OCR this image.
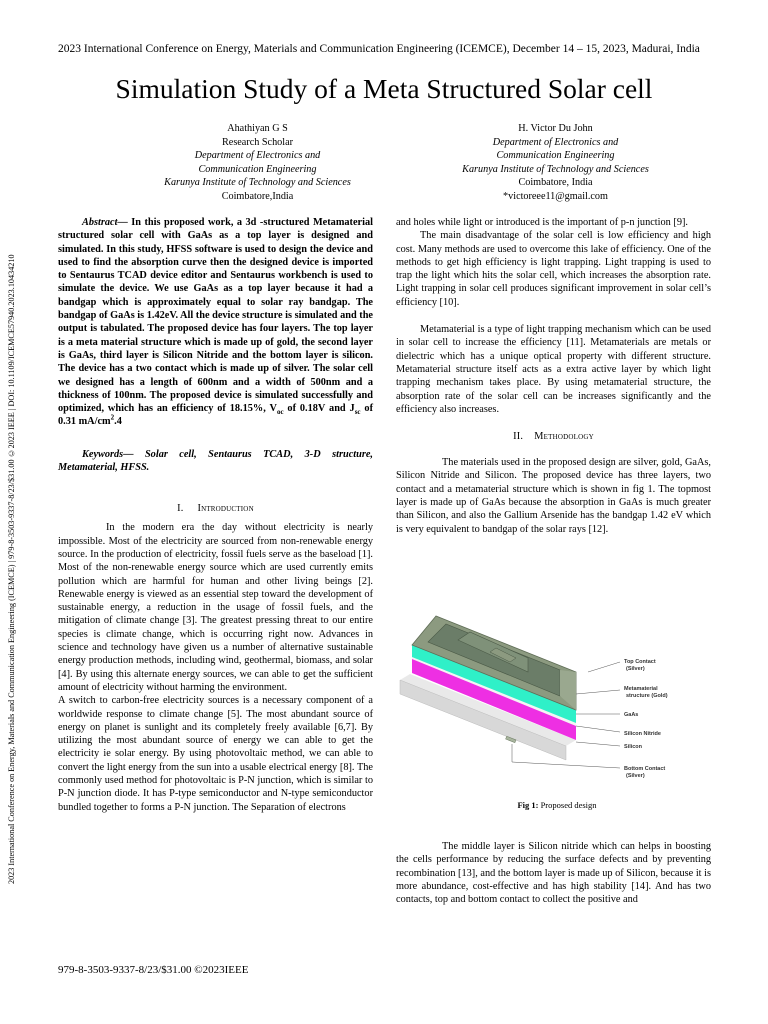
2023 International Conference on Energy, Materials and Communication Engineering (ICEMCE), December 14 – 15, 2023, Madurai, India
Simulation Study of a Meta Structured Solar cell
2023 International Conference on Energy, Materials and Communication Engineering (ICEMCE) | 979-8-3503-9337-8/23/$31.00 ©2023 IEEE | DOI: 10.1109/ICEMCE57940.2023.10434210
Ahathiyan G S
Research Scholar
Department of Electronics and
Communication Engineering
Karunya Institute of Technology and Sciences
Coimbatore,India
H. Victor Du John
Department of Electronics and
Communication Engineering
Karunya Institute of Technology and Sciences
Coimbatore, India
*victoreee11@gmail.com

Abstract— In this proposed work, a 3d -structured Metamaterial structured solar cell with GaAs as a top layer is designed and simulated. In this study, HFSS software is used to design the device and used to find the absorption curve then the designed device is imported to Sentaurus TCAD device editor and Sentaurus workbench is used to simulate the device. We use GaAs as a top layer because it had a bandgap which is approximately equal to solar ray bandgap. The bandgap of GaAs is 1.42eV. All the device structure is simulated and the output is tabulated. The proposed device has four layers. The top layer is a meta material structure which is made up of gold, the second layer is GaAs, third layer is Silicon Nitride and the bottom layer is silicon. The device has a two contact which is made up of silver. The solar cell we designed has a length of 600nm and a width of 500nm and a thickness of 100nm. The proposed device is simulated successfully and optimized, which has an efficiency of 18.15%, $V_{oc}$ of 0.18V and $J_{sc}$ of 0.31 $mA/cm^2.4$

Keywords— Solar cell, Sentaurus TCAD, 3-D structure, Metamaterial, HFSS.

I. Introduction

In the modern era the day without electricity is nearly impossible. Most of the electricity are sourced from non-renewable energy source. In the production of electricity, fossil fuels serve as the baseload [1]. Most of the non-renewable energy source which are used currently emits pollution which are harmful for human and other living beings [2]. Renewable energy is viewed as an essential step toward the development of sustainable energy, a reduction in the usage of fossil fuels, and the mitigation of climate change [3]. The greatest pressing threat to our entire species is climate change, which is occurring right now. Advances in science and technology have given us a number of alternative sustainable energy production methods, including wind, geothermal, biomass, and solar [4]. By using this alternate energy sources, we can able to get the sufficient amount of electricity without harming the environment.

A switch to carbon-free electricity sources is a necessary component of a worldwide response to climate change [5]. The most abundant source of energy on planet is sunlight and its completely freely available [6,7]. By utilizing the most abundant source of energy we can able to get the electricity ie solar energy. By using photovoltaic method, we can able to convert the light energy from the sun into a usable electrical energy [8]. The commonly used method for photovoltaic is P-N junction, which is similar to P-N junction diode. It has P-type semiconductor and N-type semiconductor bundled together to forms a P-N junction. The Separation of electrons

and holes while light or introduced is the important of p-n junction [9].

The main disadvantage of the solar cell is low efficiency and high cost. Many methods are used to overcome this lake of efficiency. One of the methods to get high efficiency is light trapping. Light trapping is used to trap the light which hits the solar cell, which increases the absorption rate. Light trapping in solar cell produces significant improvement in solar cell’s efficiency [10].

Metamaterial is a type of light trapping mechanism which can be used in solar cell to increase the efficiency [11]. Metamaterials are metals or dielectric which has a unique optical property with different structure. Metamaterial structure itself acts as a extra active layer by which light trapping mechanism takes place. By using metamaterial structure, the absorption rate of the solar cell can be increases significantly and the efficiency also increases.

II. Methodology

The materials used in the proposed design are silver, gold, GaAs, Silicon Nitride and Silicon. The proposed device has three layers, two contact and a metamaterial structure which is shown in fig 1. The topmost layer is made up of GaAs because the absorption in GaAs is much greater than Silicon, and also the Gallium Arsenide has the bandgap 1.42 eV which is very equivalent to bandgap of the solar rays [12].

Top Contact
(Silver)
Metamaterial
structure (Gold)
GaAs
Silicon Nitride
Silicon
Bottom Contact
(Silver)
Fig 1: Proposed design

The middle layer is Silicon nitride which can helps in boosting the cells performance by reducing the surface defects and by preventing recombination [13], and the bottom layer is made up of Silicon, because it is more abundance, cost-effective and has high stability [14]. And has two contacts, top and bottom contact to collect the positive and

979-8-3503-9337-8/23/$31.00 ©2023IEEE
